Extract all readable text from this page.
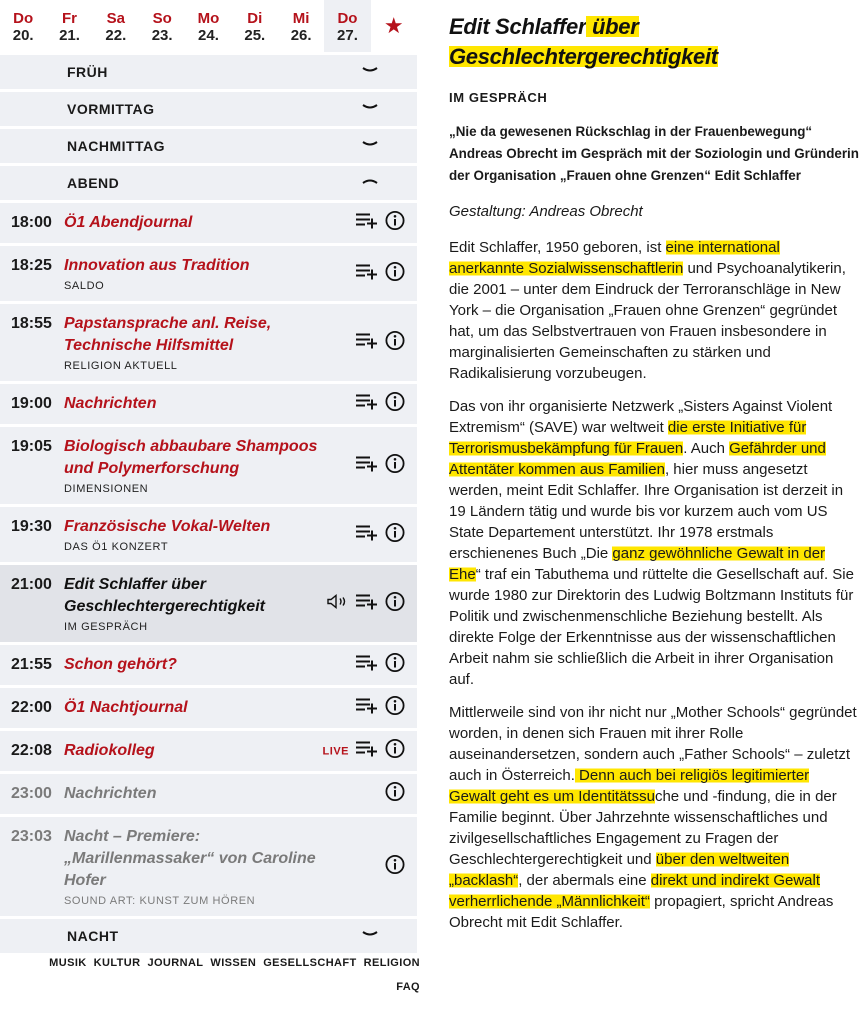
Do
20.
Fr
21.
Sa
22.
So
23.
Mo
24.
Di
25.
Mi
26.
Do
27.	★
FRÜH
VORMITTAG
NACHMITTAG
ABEND
18:00 Ö1 Abendjournal
18:25 Innovation aus Tradition
SALDO
18:55 Papstansprache anl. Reise, Technische Hilfsmittel
RELIGION AKTUELL
19:00 Nachrichten
19:05 Biologisch abbaubare Shampoos und Polymerforschung
DIMENSIONEN
19:30 Französische Vokal-Welten
DAS Ö1 KONZERT
21:00 Edit Schlaffer über Geschlechtergerechtigkeit
IM GESPRÄCH
21:55 Schon gehört?
22:00 Ö1 Nachtjournal
22:08 Radiokolleg	LIVE
23:00 Nachrichten
23:03 Nacht – Premiere: „Marillenmassaker“ von Caroline Hofer
SOUND ART: KUNST ZUM HÖREN
NACHT
MUSIK KULTUR JOURNAL WISSEN GESELLSCHAFT RELIGION
FAQ
Edit Schlaffer über Geschlechtergerechtigkeit
IM GESPRÄCH
„Nie da gewesenen Rückschlag in der Frauenbewegung“ Andreas Obrecht im Gespräch mit der Soziologin und Gründerin der Organisation „Frauen ohne Grenzen“ Edit Schlaffer
Gestaltung: Andreas Obrecht

Edit Schlaffer, 1950 geboren, ist eine international anerkannte Sozialwissenschaftlerin und Psychoanalytikerin, die 2001 – unter dem Eindruck der Terroranschläge in New York – die Organisation „Frauen ohne Grenzen“ gegründet hat, um das Selbstvertrauen von Frauen insbesondere in marginalisierten Gemeinschaften zu stärken und Radikalisierung vorzubeugen.

Das von ihr organisierte Netzwerk „Sisters Against Violent Extremism“ (SAVE) war weltweit die erste Initiative für Terrorismusbekämpfung für Frauen. Auch Gefährder und Attentäter kommen aus Familien, hier muss angesetzt werden, meint Edit Schlaffer. Ihre Organisation ist derzeit in 19 Ländern tätig und wurde bis vor kurzem auch vom US State Departement unterstützt. Ihr 1978 erstmals erschienenes Buch „Die ganz gewöhnliche Gewalt in der Ehe“ traf ein Tabuthema und rüttelte die Gesellschaft auf. Sie wurde 1980 zur Direktorin des Ludwig Boltzmann Instituts für Politik und zwischenmenschliche Beziehung bestellt. Als direkte Folge der Erkenntnisse aus der wissenschaftlichen Arbeit nahm sie schließlich die Arbeit in ihrer Organisation auf.

Mittlerweile sind von ihr nicht nur „Mother Schools“ gegründet worden, in denen sich Frauen mit ihrer Rolle auseinandersetzen, sondern auch „Father Schools“ – zuletzt auch in Österreich. Denn auch bei religiös legitimierter Gewalt geht es um Identitätssuche und -findung, die in der Familie beginnt. Über Jahrzehnte wissenschaftliches und zivilgesellschaftliches Engagement zu Fragen der Geschlechtergerechtigkeit und über den weltweiten „backlash“, der abermals eine direkt und indirekt Gewalt verherrlichende „Männlichkeit“ propagiert, spricht Andreas Obrecht mit Edit Schlaffer.
